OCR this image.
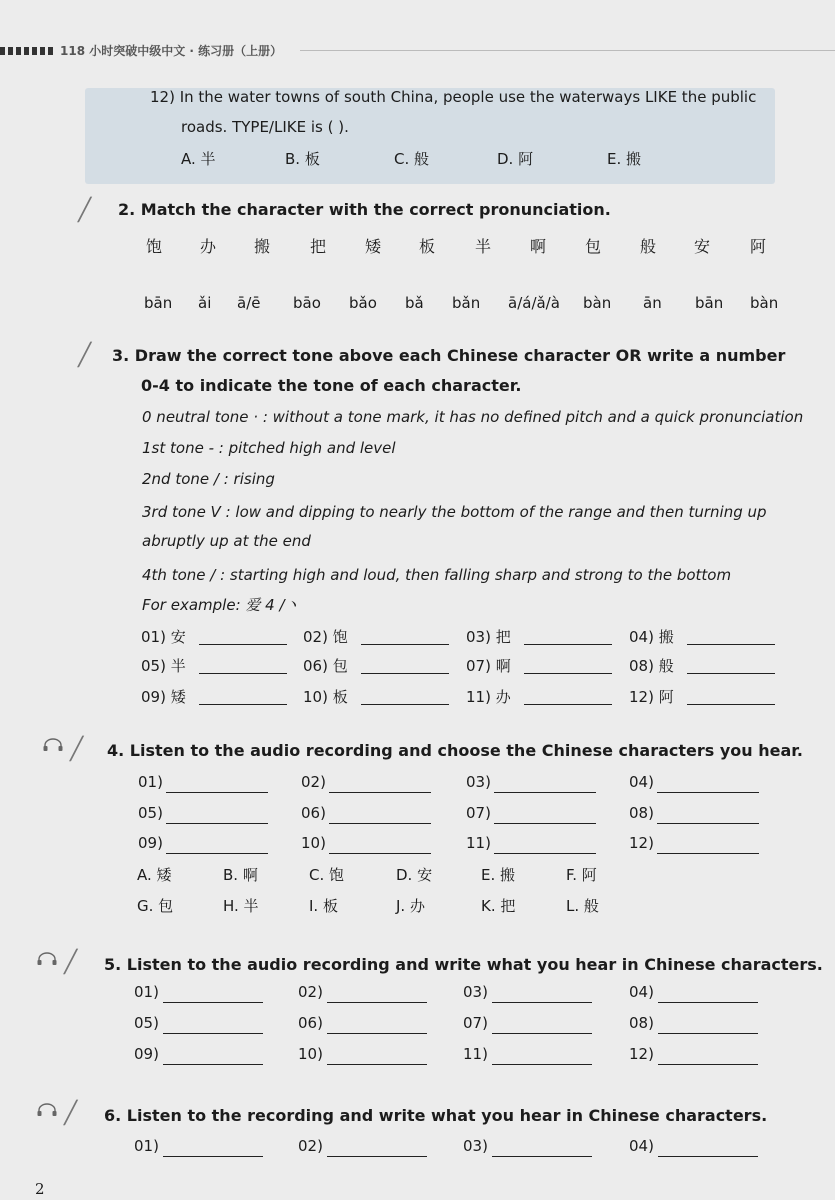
118 小时突破中级中文 · 练习册（上册）
12) In the water towns of south China, people use the waterways LIKE the public
roads. TYPE/LIKE is ( ).
A. 半	B. 板	C. 般	D. 阿	E. 搬
╱ 2. Match the character with the correct pronunciation.
饱 办 搬 把 矮 板 半 啊 包 般 安 阿
bān ǎi ā/ē bāo bǎo bǎ bǎn ā/á/ǎ/à bàn ān bān bàn
╱ 3. Draw the correct tone above each Chinese character OR write a number
0-4 to indicate the tone of each character.
0 neutral tone · : without a tone mark, it has no defined pitch and a quick pronunciation
1st tone - : pitched high and level
2nd tone / : rising
3rd tone V : low and dipping to nearly the bottom of the range and then turning up
abruptly up at the end
4th tone / : starting high and loud, then falling sharp and strong to the bottom
For example: 爱 4 /丶
01) 安	02) 饱	03) 把	04) 搬
05) 半	06) 包	07) 啊	08) 般
09) 矮	10) 板	11) 办	12) 阿
╱ 4. Listen to the audio recording and choose the Chinese characters you hear.
01)	02)	03)	04)
05)	06)	07)	08)
09)	10)	11)	12)
A. 矮	B. 啊	C. 饱	D. 安	E. 搬	F. 阿
G. 包	H. 半	I. 板	J. 办	K. 把	L. 般
╱ 5. Listen to the audio recording and write what you hear in Chinese characters.
01)	02)	03)	04)
05)	06)	07)	08)
09)	10)	11)	12)
╱ 6. Listen to the recording and write what you hear in Chinese characters.
01)	02)	03)	04)
2
